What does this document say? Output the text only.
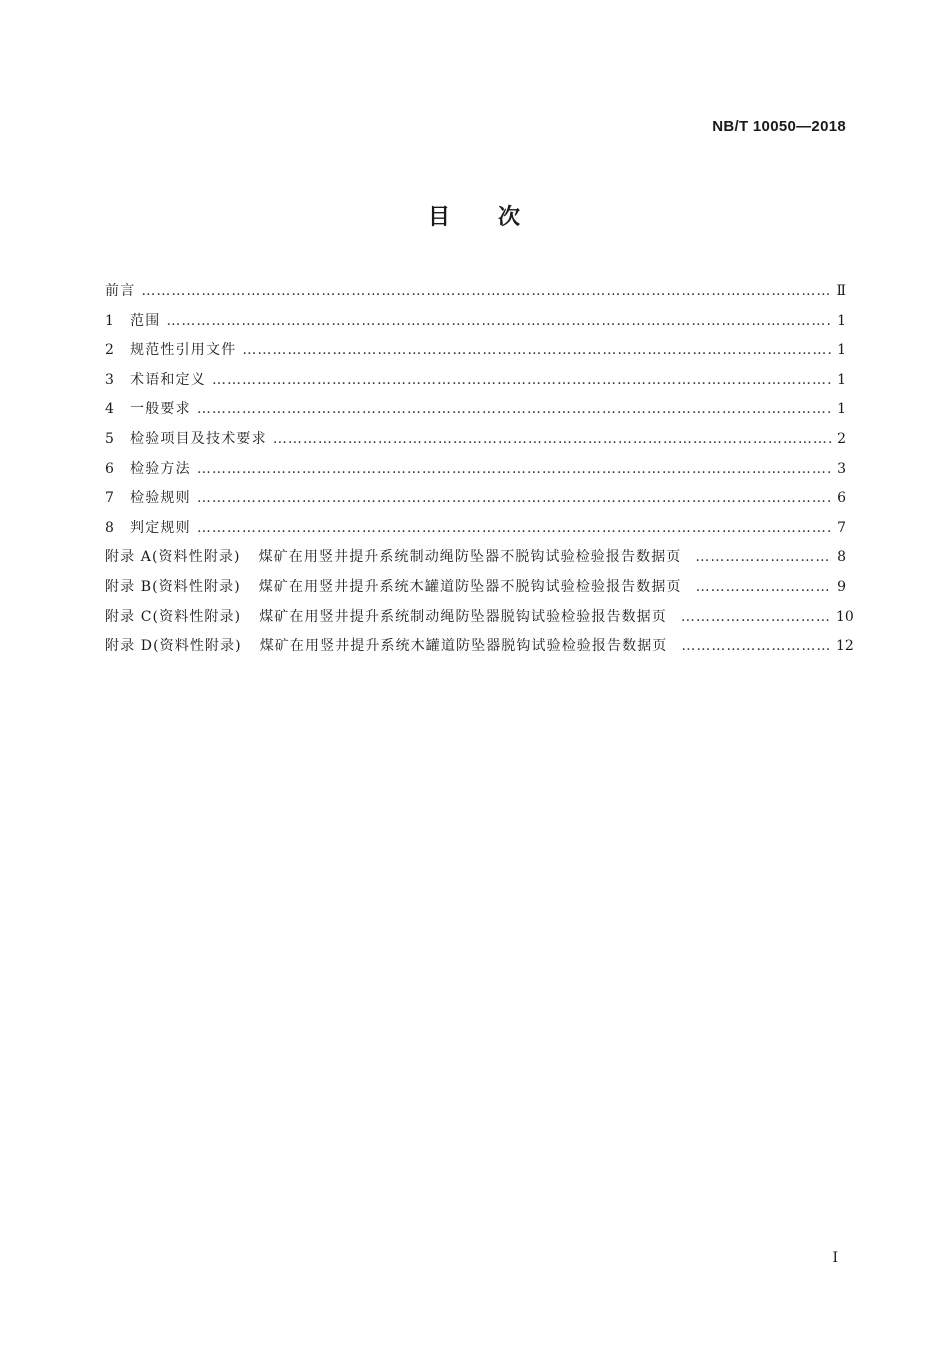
NB/T 10050—2018
目 次
前言 …………………………………………………………………………………………………………………………………………………………………………………………………………………………	Ⅱ
1	范围 …………………………………………………………………………………………………………………………………………………………………………………………………………………………	1
2	规范性引用文件 …………………………………………………………………………………………………………………………………………………………………………………………………………………………	1
3	术语和定义 …………………………………………………………………………………………………………………………………………………………………………………………………………………………	1
4	一般要求 …………………………………………………………………………………………………………………………………………………………………………………………………………………………	1
5	检验项目及技术要求 …………………………………………………………………………………………………………………………………………………………………………………………………………………………	2
6	检验方法 …………………………………………………………………………………………………………………………………………………………………………………………………………………………	3
7	检验规则 …………………………………………………………………………………………………………………………………………………………………………………………………………………………	6
8	判定规则 …………………………………………………………………………………………………………………………………………………………………………………………………………………………	7
附录 A(资料性附录) 煤矿在用竖井提升系统制动绳防坠器不脱钩试验检验报告数据页 …………………………………………………………………………………………………………………………………………………………………………………………………………………………	8
附录 B(资料性附录) 煤矿在用竖井提升系统木罐道防坠器不脱钩试验检验报告数据页 …………………………………………………………………………………………………………………………………………………………………………………………………………………………	9
附录 C(资料性附录) 煤矿在用竖井提升系统制动绳防坠器脱钩试验检验报告数据页 …………………………………………………………………………………………………………………………………………………………………………………………………………………………	10
附录 D(资料性附录) 煤矿在用竖井提升系统木罐道防坠器脱钩试验检验报告数据页 …………………………………………………………………………………………………………………………………………………………………………………………………………………………	12
I
